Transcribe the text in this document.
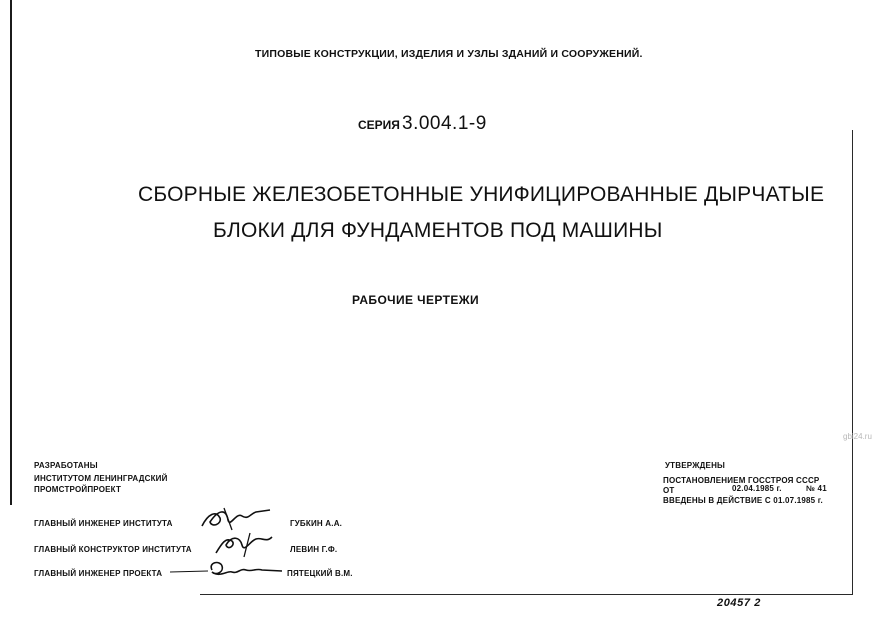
ТИПОВЫЕ КОНСТРУКЦИИ, ИЗДЕЛИЯ И УЗЛЫ ЗДАНИЙ И СООРУЖЕНИЙ.
СЕРИЯ 3.004.1-9
СБОРНЫЕ ЖЕЛЕЗОБЕТОННЫЕ УНИФИЦИРОВАННЫЕ ДЫРЧАТЫЕ
БЛОКИ ДЛЯ ФУНДАМЕНТОВ ПОД МАШИНЫ
РАБОЧИЕ ЧЕРТЕЖИ
РАЗРАБОТАНЫ
ИНСТИТУТОМ ЛЕНИНГРАДСКИЙ
ПРОМСТРОЙПРОЕКТ
УТВЕРЖДЕНЫ
ПОСТАНОВЛЕНИЕМ ГОССТРОЯ СССР
ОТ	02.04.1985 г.	№ 41
ВВЕДЕНЫ В ДЕЙСТВИЕ С 01.07.1985 г.
ГЛАВНЫЙ ИНЖЕНЕР ИНСТИТУТА	ГУБКИН А.А.
ГЛАВНЫЙ КОНСТРУКТОР ИНСТИТУТА	ЛЕВИН Г.Ф.
ГЛАВНЫЙ ИНЖЕНЕР ПРОЕКТА	ПЯТЕЦКИЙ В.М.
gbi24.ru
20457 2
